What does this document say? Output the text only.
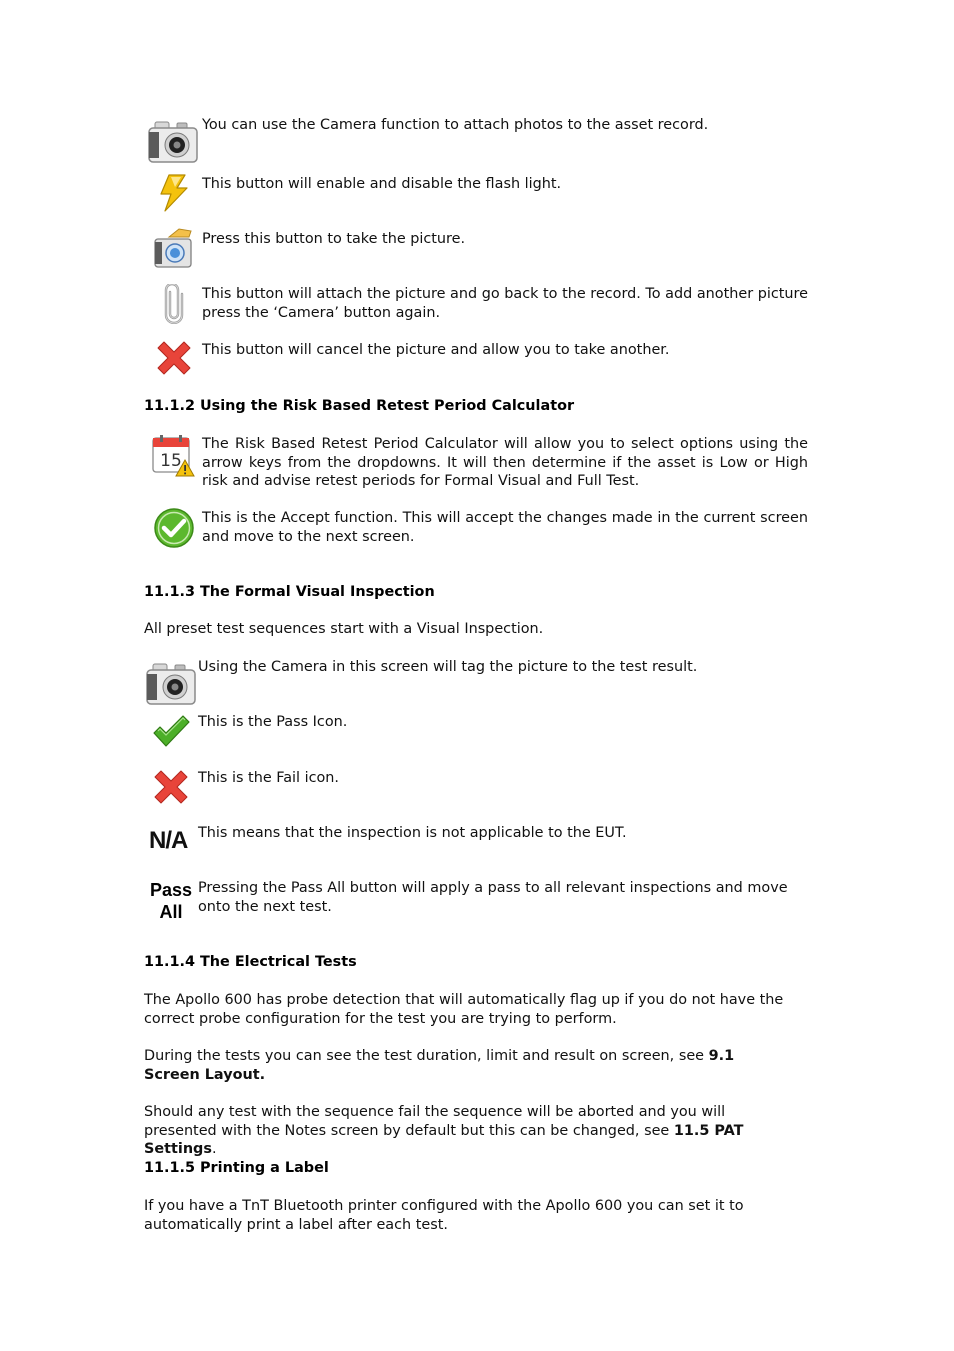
You can use the Camera function to attach photos to the asset record.
This button will enable and disable the flash light.
Press this button to take the picture.
This button will attach the picture and go back to the record. To add another picture press the ‘Camera’ button again.
This button will cancel the picture and allow you to take another.
11.1.2 Using the Risk Based Retest Period Calculator
15
The Risk Based Retest Period Calculator will allow you to select options using the arrow keys from the dropdowns. It will then determine if the asset is Low or High risk and advise retest periods for Formal Visual and Full Test.
This is the Accept function. This will accept the changes made in the current screen and move to the next screen.
11.1.3 The Formal Visual Inspection
All preset test sequences start with a Visual Inspection.
Using the Camera in this screen will tag the picture to the test result.
This is the Pass Icon.
This is the Fail icon.
N/A This means that the inspection is not applicable to the EUT.
Pass
All
Pressing the Pass All button will apply a pass to all relevant inspections and move onto the next test.
11.1.4 The Electrical Tests
The Apollo 600 has probe detection that will automatically flag up if you do not have the correct probe configuration for the test you are trying to perform.
During the tests you can see the test duration, limit and result on screen, see 9.1 Screen Layout.
Should any test with the sequence fail the sequence will be aborted and you will presented with the Notes screen by default but this can be changed, see 11.5 PAT Settings.
11.1.5 Printing a Label
If you have a TnT Bluetooth printer configured with the Apollo 600 you can set it to automatically print a label after each test.
